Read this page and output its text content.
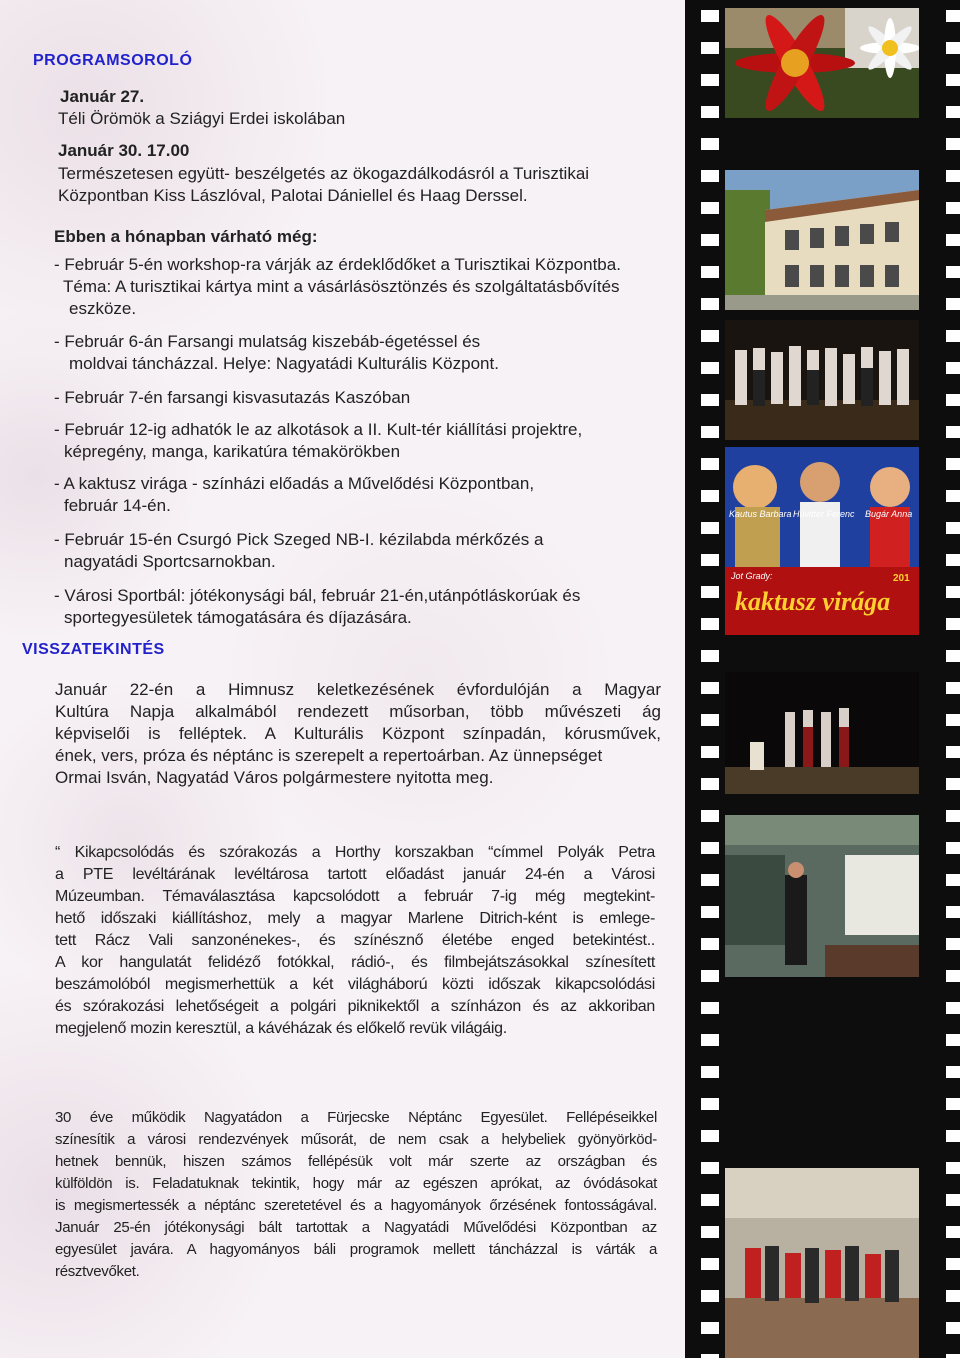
PROGRAMSOROLÓ
Január 27.
Téli Örömök a Sziágyi Erdei iskolában
Január 30. 17.00
Természetesen együtt- beszélgetés az ökogazdálkodásról a Turisztikai
Központban Kiss Lászlóval, Palotai Dániellel és Haag Derssel.
Ebben a hónapban várható még:
- Február 5-én workshop-ra várják az érdeklődőket a Turisztikai Központba.
Téma: A turisztikai kártya mint a vásárlásösztönzés és szolgáltatásbővítés
eszköze.
- Február 6-án Farsangi mulatság kiszebáb-égetéssel és
moldvai táncházzal. Helye: Nagyatádi Kulturális Központ.
- Február 7-én farsangi kisvasutazás Kaszóban
- Február 12-ig adhatók le az alkotások a II. Kult-tér kiállítási projektre,
képregény, manga, karikatúra témakörökben
- A kaktusz virága - színházi előadás a Művelődési Központban,
február 14-én.
- Február 15-én Csurgó Pick Szeged NB-I. kézilabda mérkőzés a
nagyatádi Sportcsarnokban.
- Városi Sportbál: jótékonysági bál, február 21-én,utánpótláskorúak és
sportegyesületek támogatására és díjazására.
VISSZATEKINTÉS
Január 22-én a Himnusz keletkezésének évfordulóján a Magyar
Kultúra Napja alkalmából rendezett műsorban, több művészeti ág
képviselői is felléptek. A Kulturális Központ színpadán, kórusművek,
ének, vers, próza és néptánc is szerepelt a repertoárban. Az ünnepséget
Ormai Isván, Nagyatád Város polgármestere nyitotta meg.
“ Kikapcsolódás és szórakozás a Horthy korszakban “címmel Polyák Petra
a PTE levéltárának levéltárosa tartott előadást január 24-én a Városi
Múzeumban. Témaválasztása kapcsolódott a február 7-ig még megtekint-
hető időszaki kiállításhoz, mely a magyar Marlene Ditrich-ként is emlege-
tett Rácz Vali sanzonénekes-, és színésznő életébe enged betekintést..
A kor hangulatát felidéző fotókkal, rádió-, és filmbejátszásokkal színesített
beszámolóból megismerhettük a két világháború közti időszak kikapcsolódási
és szórakozási lehetőségeit a polgári piknikektől a színházon és az akkoriban
megjelenő mozin keresztül, a kávéházak és előkelő revük világáig.
30 éve működik Nagyatádon a Fürjecske Néptánc Egyesület. Fellépéseikkel
színesítik a városi rendezvények műsorát, de nem csak a helybeliek gyönyörköd-
hetnek bennük, hiszen számos fellépésük volt már szerte az országban és
külföldön is. Feladatuknak tekintik, hogy már az egészen aprókat, az óvódásokat
is megismertessék a néptánc szeretetével és a hagyományok őrzésének fontosságával.
Január 25-én jótékonysági bált tartottak a Nagyatádi Művelődési Központban az
egyesület javára. A hagyományos báli programok mellett táncházzal is várták a
résztvevőket.
Kautus Barbara Hüvitter Ferenc Bugár Anna
Jot Grady:
kaktusz virága
201
